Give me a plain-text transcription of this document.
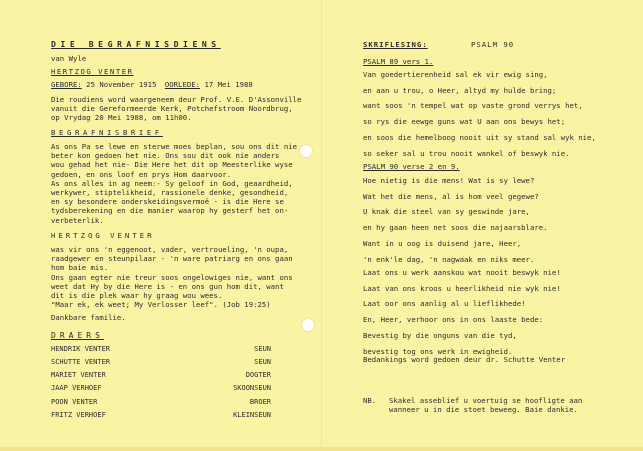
DIE BEGRAFNISDIENS
van Wyle
HERTZOG VENTER
GEBORE: 25 November 1915 OORLEDE: 17 Mei 1988
Die roudiens word waargeneem deur Prof. V.E. D'Assonville
vanuit die Gereformeerde Kerk, Potchefstroom Noordbrug,
op Vrydag 20 Mei 1988, om 11h00.
BEGRAFNISBRIEF
As ons Pa se lewe en sterwe moes beplan, sou ons dit nie
beter kon gedoen het nie. Ons sou dit ook nie anders
wou gehad het nie- Die Here het dit op Meesterlike wyse
gedoen, en ons loof en prys Hom daarvoor.
As ons alles in ag neem:- Sy geloof in God, geaardheid,
werkywer, stiptelikheid, rassionele denke, gesondheid,
en sy besondere onderskeidingsvermoë - is die Here se
tydsberekening en die manier waarop hy gesterf het on-
verbeterlik.
HERTZOG VENTER
was vir ons 'n eggenoot, vader, vertroueling, 'n oupa,
raadgewer en steunpilaar - 'n ware patriarg en ons gaan
hom baie mis.
Ons gaan egter nie treur soos ongelowiges nie, want ons
weet dat Hy by die Here is - en ons gun hom dit, want
dit is die plek waar hy graag wou wees.
"Maar ek, ek weet; My Verlosser leef". (Job 19:25)
Dankbare familie.
DRAERS
HENDRIK VENTER	SEUN
SCHUTTE VENTER	SEUN
MARIET VENTER	DOGTER
JAAP VERHOEF	SKOONSEUN
POON VENTER	BROER
FRITZ VERHOEF	KLEINSEUN
SKRIFLESING:	PSALM 90
PSALM 89 vers 1.
Van goedertierenheid sal ek vir ewig sing,
en aan u trou, o Heer, altyd my hulde bring;
want soos 'n tempel wat op vaste grond verrys het,
so rys die eewge guns wat U aan ons bewys het;
en soos die hemelboog nooit uit sy stand sal wyk nie,
so seker sal u trou nooit wankel of beswyk nie.
PSALM 90 verse 2 en 9.
Hoe nietig is die mens! Wat is sy lewe?
Wat het die mens, al is hom veel gegewe?
U knak die steel van sy geswinde jare,
en hy gaan heen net soos die najaarsblare.
Want in u oog is duisend jare, Heer,
'n enk'le dag, 'n nagwaak en niks meer.
Laat ons u werk aanskou wat nooit beswyk nie!
Laat van ons kroos u heerlikheid nie wyk nie!
Laat oor ons aanlig al u lieflikhede!
En, Heer, verhoor ons in ons laaste bede:
Bevestig by die onguns van die tyd,
bevestig tog ons werk in ewigheid.
Bedankings word gedoen deur dr. Schutte Venter
NB. Skakel asseblief u voertuig se hoofligte aan
wanneer u in die stoet beweeg. Baie dankie.
